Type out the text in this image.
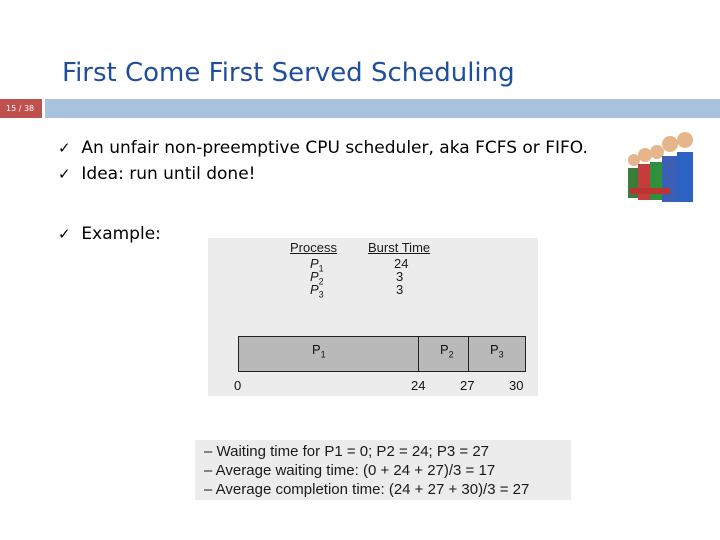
First Come First Served Scheduling
15 / 38
✓ An unfair non-preemptive CPU scheduler, aka FCFS or FIFO.
✓ Idea: run until done!
✓ Example:
Process Burst Time
$P_1$	24
$P_2$	3
$P_3$	3
$P_1$	$P_2$	$P_3$
0	24	27	30
– Waiting time for P1 = 0; P2 = 24; P3 = 27
– Average waiting time: (0 + 24 + 27)/3 = 17
– Average completion time: (24 + 27 + 30)/3 = 27
